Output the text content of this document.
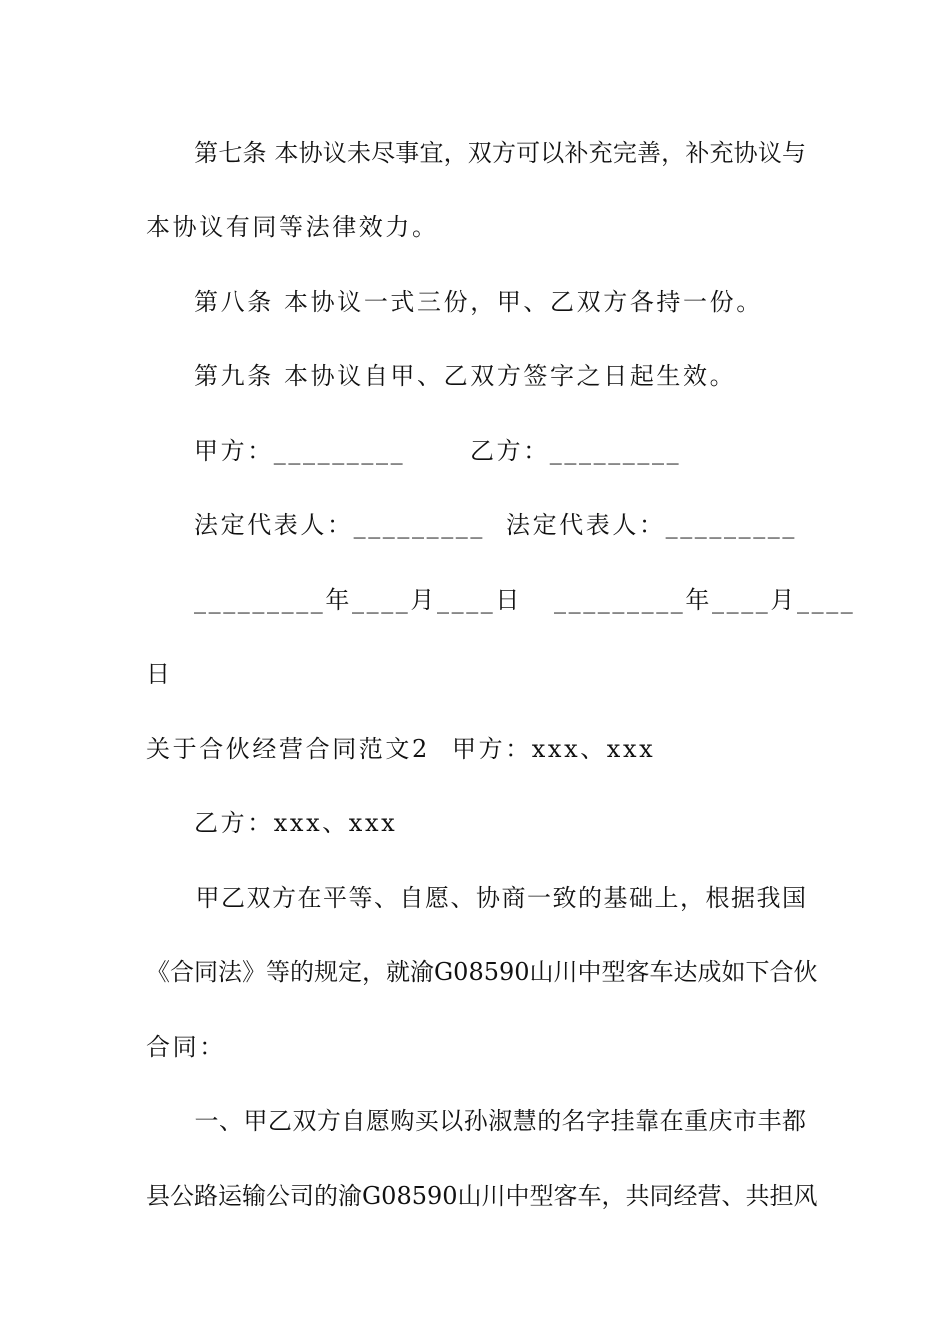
第七条 本协议未尽事宜，双方可以补充完善，补充协议与
本协议有同等法律效力。
第八条 本协议一式三份，甲、乙双方各持一份。
第九条 本协议自甲、乙双方签字之日起生效。
甲方：_________	乙方：_________
法定代表人：_________ 法定代表人：_________
_________年____月____日 _________年____月____
日
关于合伙经营合同范文2 甲方：xxx、xxx
乙方：xxx、xxx
甲乙双方在平等、自愿、协商一致的基础上，根据我国
《合同法》等的规定，就渝G08590山川中型客车达成如下合伙
合同：
一、甲乙双方自愿购买以孙淑慧的名字挂靠在重庆市丰都
县公路运输公司的渝G08590山川中型客车，共同经营、共担风
